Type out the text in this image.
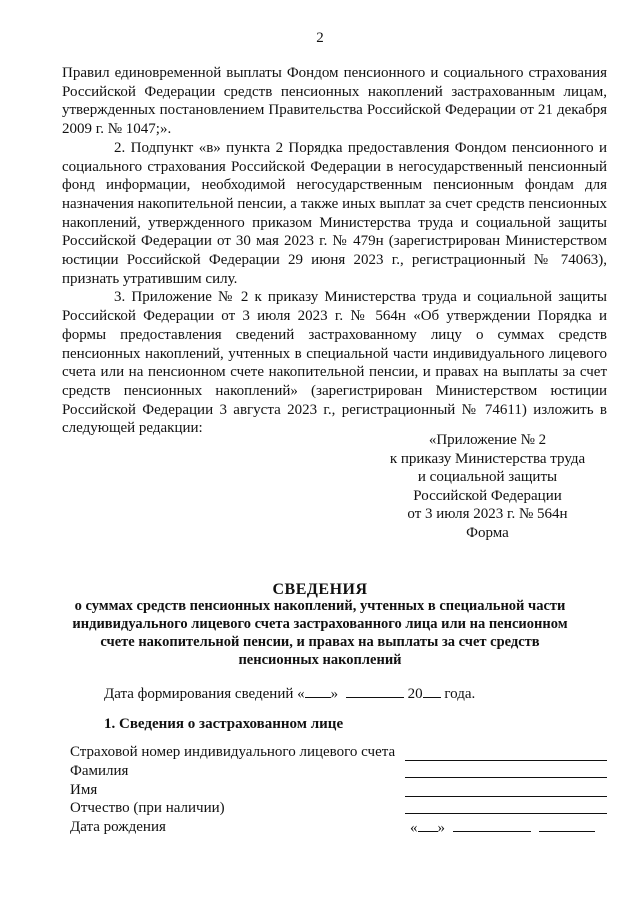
2

Правил единовременной выплаты Фондом пенсионного и социального страхования Российской Федерации средств пенсионных накоплений застрахованным лицам, утвержденных постановлением Правительства Российской Федерации от 21 декабря 2009 г. № 1047;».

2. Подпункт «в» пункта 2 Порядка предоставления Фондом пенсионного и социального страхования Российской Федерации в негосударственный пенсионный фонд информации, необходимой негосударственным пенсионным фондам для назначения накопительной пенсии, а также иных выплат за счет средств пенсионных накоплений, утвержденного приказом Министерства труда и социальной защиты Российской Федерации от 30 мая 2023 г. № 479н (зарегистрирован Министерством юстиции Российской Федерации 29 июня 2023 г., регистрационный № 74063), признать утратившим силу.

3. Приложение № 2 к приказу Министерства труда и социальной защиты Российской Федерации от 3 июля 2023 г. № 564н «Об утверждении Порядка и формы предоставления сведений застрахованному лицу о суммах средств пенсионных накоплений, учтенных в специальной части индивидуального лицевого счета или на пенсионном счете накопительной пенсии, и правах на выплаты за счет средств пенсионных накоплений» (зарегистрирован Министерством юстиции Российской Федерации 3 августа 2023 г., регистрационный № 74611) изложить в следующей редакции:

«Приложение № 2
к приказу Министерства труда
и социальной защиты
Российской Федерации
от 3 июля 2023 г. № 564н
Форма
СВЕДЕНИЯ
о суммах средств пенсионных накоплений, учтенных в специальной части индивидуального лицевого счета застрахованного лица или на пенсионном счете накопительной пенсии, и правах на выплаты за счет средств пенсионных накоплений
Дата формирования сведений « »	20 года.
1. Сведения о застрахованном лице
Страховой номер индивидуального лицевого счета
Фамилия
Имя
Отчество (при наличии)
Дата рождения	« »
